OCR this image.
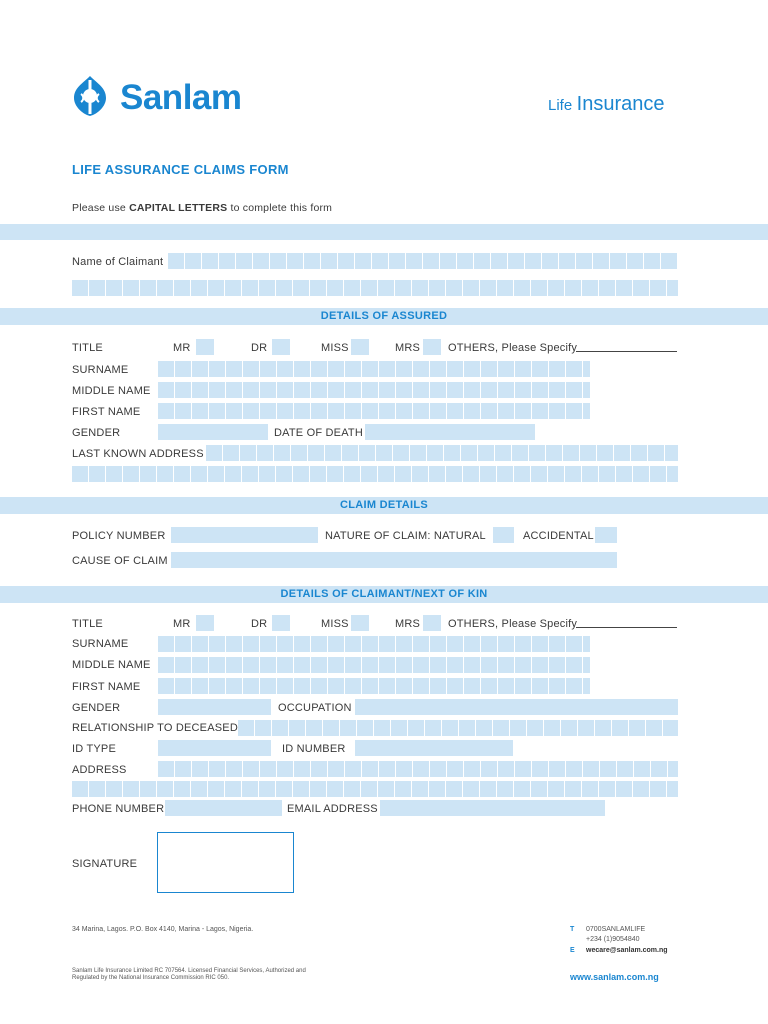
Sanlam	Life Insurance
LIFE ASSURANCE CLAIMS FORM
Please use CAPITAL LETTERS to complete this form
Name of Claimant
DETAILS OF ASSURED
TITLE	MR	DR	MISS	MRS	OTHERS, Please Specify
SURNAME
MIDDLE NAME
FIRST NAME
GENDER	DATE OF DEATH
LAST KNOWN ADDRESS
CLAIM DETAILS
POLICY NUMBER	NATURE OF CLAIM: NATURAL	ACCIDENTAL
CAUSE OF CLAIM
DETAILS OF CLAIMANT/NEXT OF KIN
TITLE	MR	DR	MISS	MRS	OTHERS, Please Specify
SURNAME
MIDDLE NAME
FIRST NAME
GENDER	OCCUPATION
RELATIONSHIP TO DECEASED
ID TYPE	ID NUMBER
ADDRESS
PHONE NUMBER	EMAIL ADDRESS
SIGNATURE
34 Marina, Lagos. P.O. Box 4140, Marina - Lagos, Nigeria.
Sanlam Life Insurance Limited RC 707564. Licensed Financial Services, Authorized and
Regulated by the National Insurance Commission RIC 050.
T 0700SANLAMLIFE
+234 (1)9054840
E wecare@sanlam.com.ng
www.sanlam.com.ng
